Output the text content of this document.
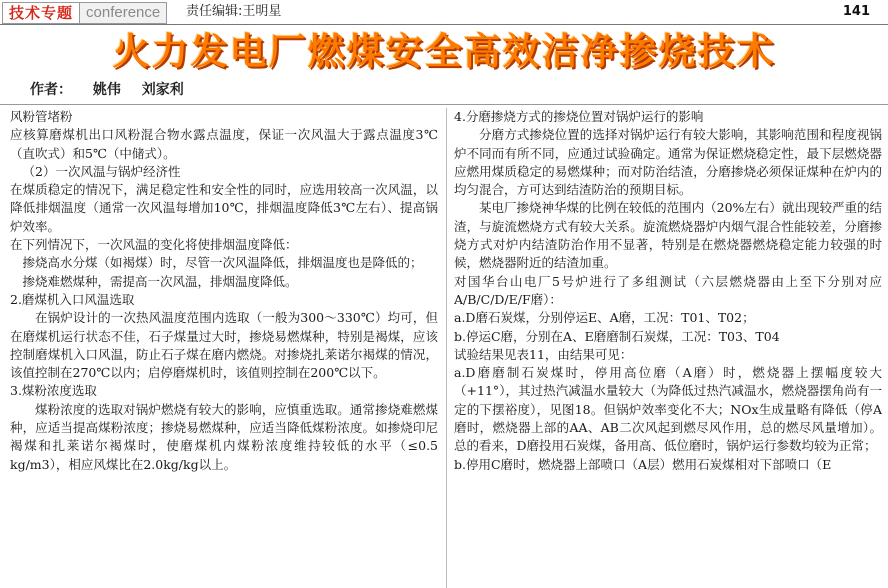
技术专题 conference	责任编辑:王明星	141
火力发电厂燃煤安全高效洁净掺烧技术
作者： 姚伟 刘家利

风粉管堵粉

应核算磨煤机出口风粉混合物水露点温度，保证一次风温大于露点温度3℃（直吹式）和5℃（中储式）。

（2）一次风温与锅炉经济性

在煤质稳定的情况下，满足稳定性和安全性的同时，应选用较高一次风温，以降低排烟温度（通常一次风温每增加10℃，排烟温度降低3℃左右）、提高锅炉效率。

在下列情况下，一次风温的变化将使排烟温度降低：

掺烧高水分煤（如褐煤）时，尽管一次风温降低，排烟温度也是降低的；

掺烧难燃煤种，需提高一次风温，排烟温度降低。

2.磨煤机入口风温选取

在锅炉设计的一次热风温度范围内选取（一般为300～330℃）均可，但在磨煤机运行状态不佳，石子煤量过大时，掺烧易燃煤种，特别是褐煤，应该控制磨煤机入口风温，防止石子煤在磨内燃烧。对掺烧扎莱诺尔褐煤的情况，该值控制在270℃以内；启停磨煤机时，该值则控制在200℃以下。

3.煤粉浓度选取

煤粉浓度的选取对锅炉燃烧有较大的影响，应慎重选取。通常掺烧难燃煤种，应适当提高煤粉浓度；掺烧易燃煤种，应适当降低煤粉浓度。如掺烧印尼褐煤和扎莱诺尔褐煤时，使磨煤机内煤粉浓度维持较低的水平（≤0.5 kg/m3），相应风煤比在2.0kg/kg以上。

4.分磨掺烧方式的掺烧位置对锅炉运行的影响

分磨方式掺烧位置的选择对锅炉运行有较大影响，其影响范围和程度视锅炉不同而有所不同，应通过试验确定。通常为保证燃烧稳定性，最下层燃烧器应燃用煤质稳定的易燃煤种；而对防治结渣，分磨掺烧必须保证煤种在炉内的均匀混合，方可达到结渣防治的预期目标。

某电厂掺烧神华煤的比例在较低的范围内（20%左右）就出现较严重的结渣，与旋流燃烧方式有较大关系。旋流燃烧器炉内烟气混合性能较差，分磨掺烧方式对炉内结渣防治作用不显著，特别是在燃烧器燃烧稳定能力较强的时候，燃烧器附近的结渣加重。

对国华台山电厂5号炉进行了多组测试（六层燃烧器由上至下分别对应A/B/C/D/E/F磨）：

a.D磨石炭煤，分别停运E、A磨，工况：T01、T02；

b.停运C磨，分别在A、E磨磨制石炭煤，工况：T03、T04

试验结果见表11，由结果可见：

a.D磨磨制石炭煤时，停用高位磨（A磨）时，燃烧器上摆幅度较大（+11°），其过热汽减温水量较大（为降低过热汽减温水，燃烧器摆角尚有一定的下摆裕度），见图18。但锅炉效率变化不大；NOx生成量略有降低（停A磨时，燃烧器上部的AA、AB二次风起到燃尽风作用，总的燃尽风量增加）。总的看来，D磨投用石炭煤，备用高、低位磨时，锅炉运行参数均较为正常；

b.停用C磨时，燃烧器上部喷口（A层）燃用石炭煤相对下部喷口（E
